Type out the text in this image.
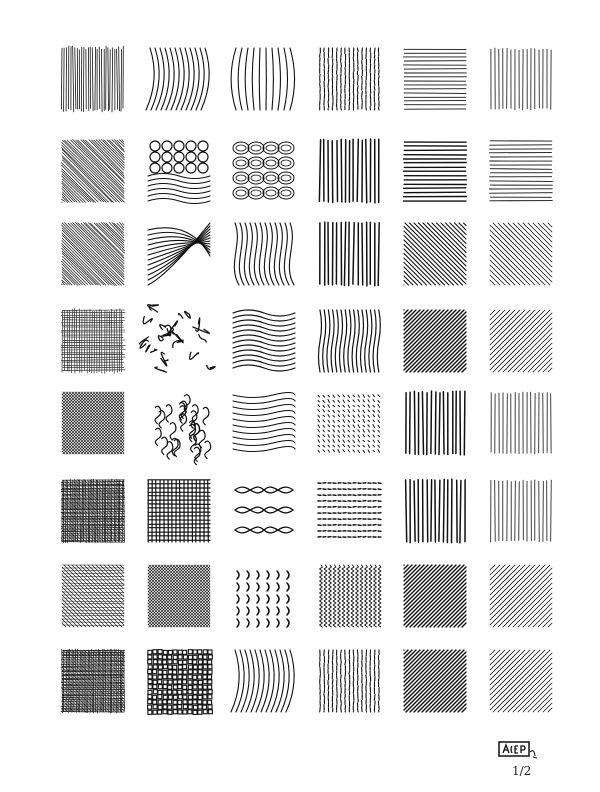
1/2
